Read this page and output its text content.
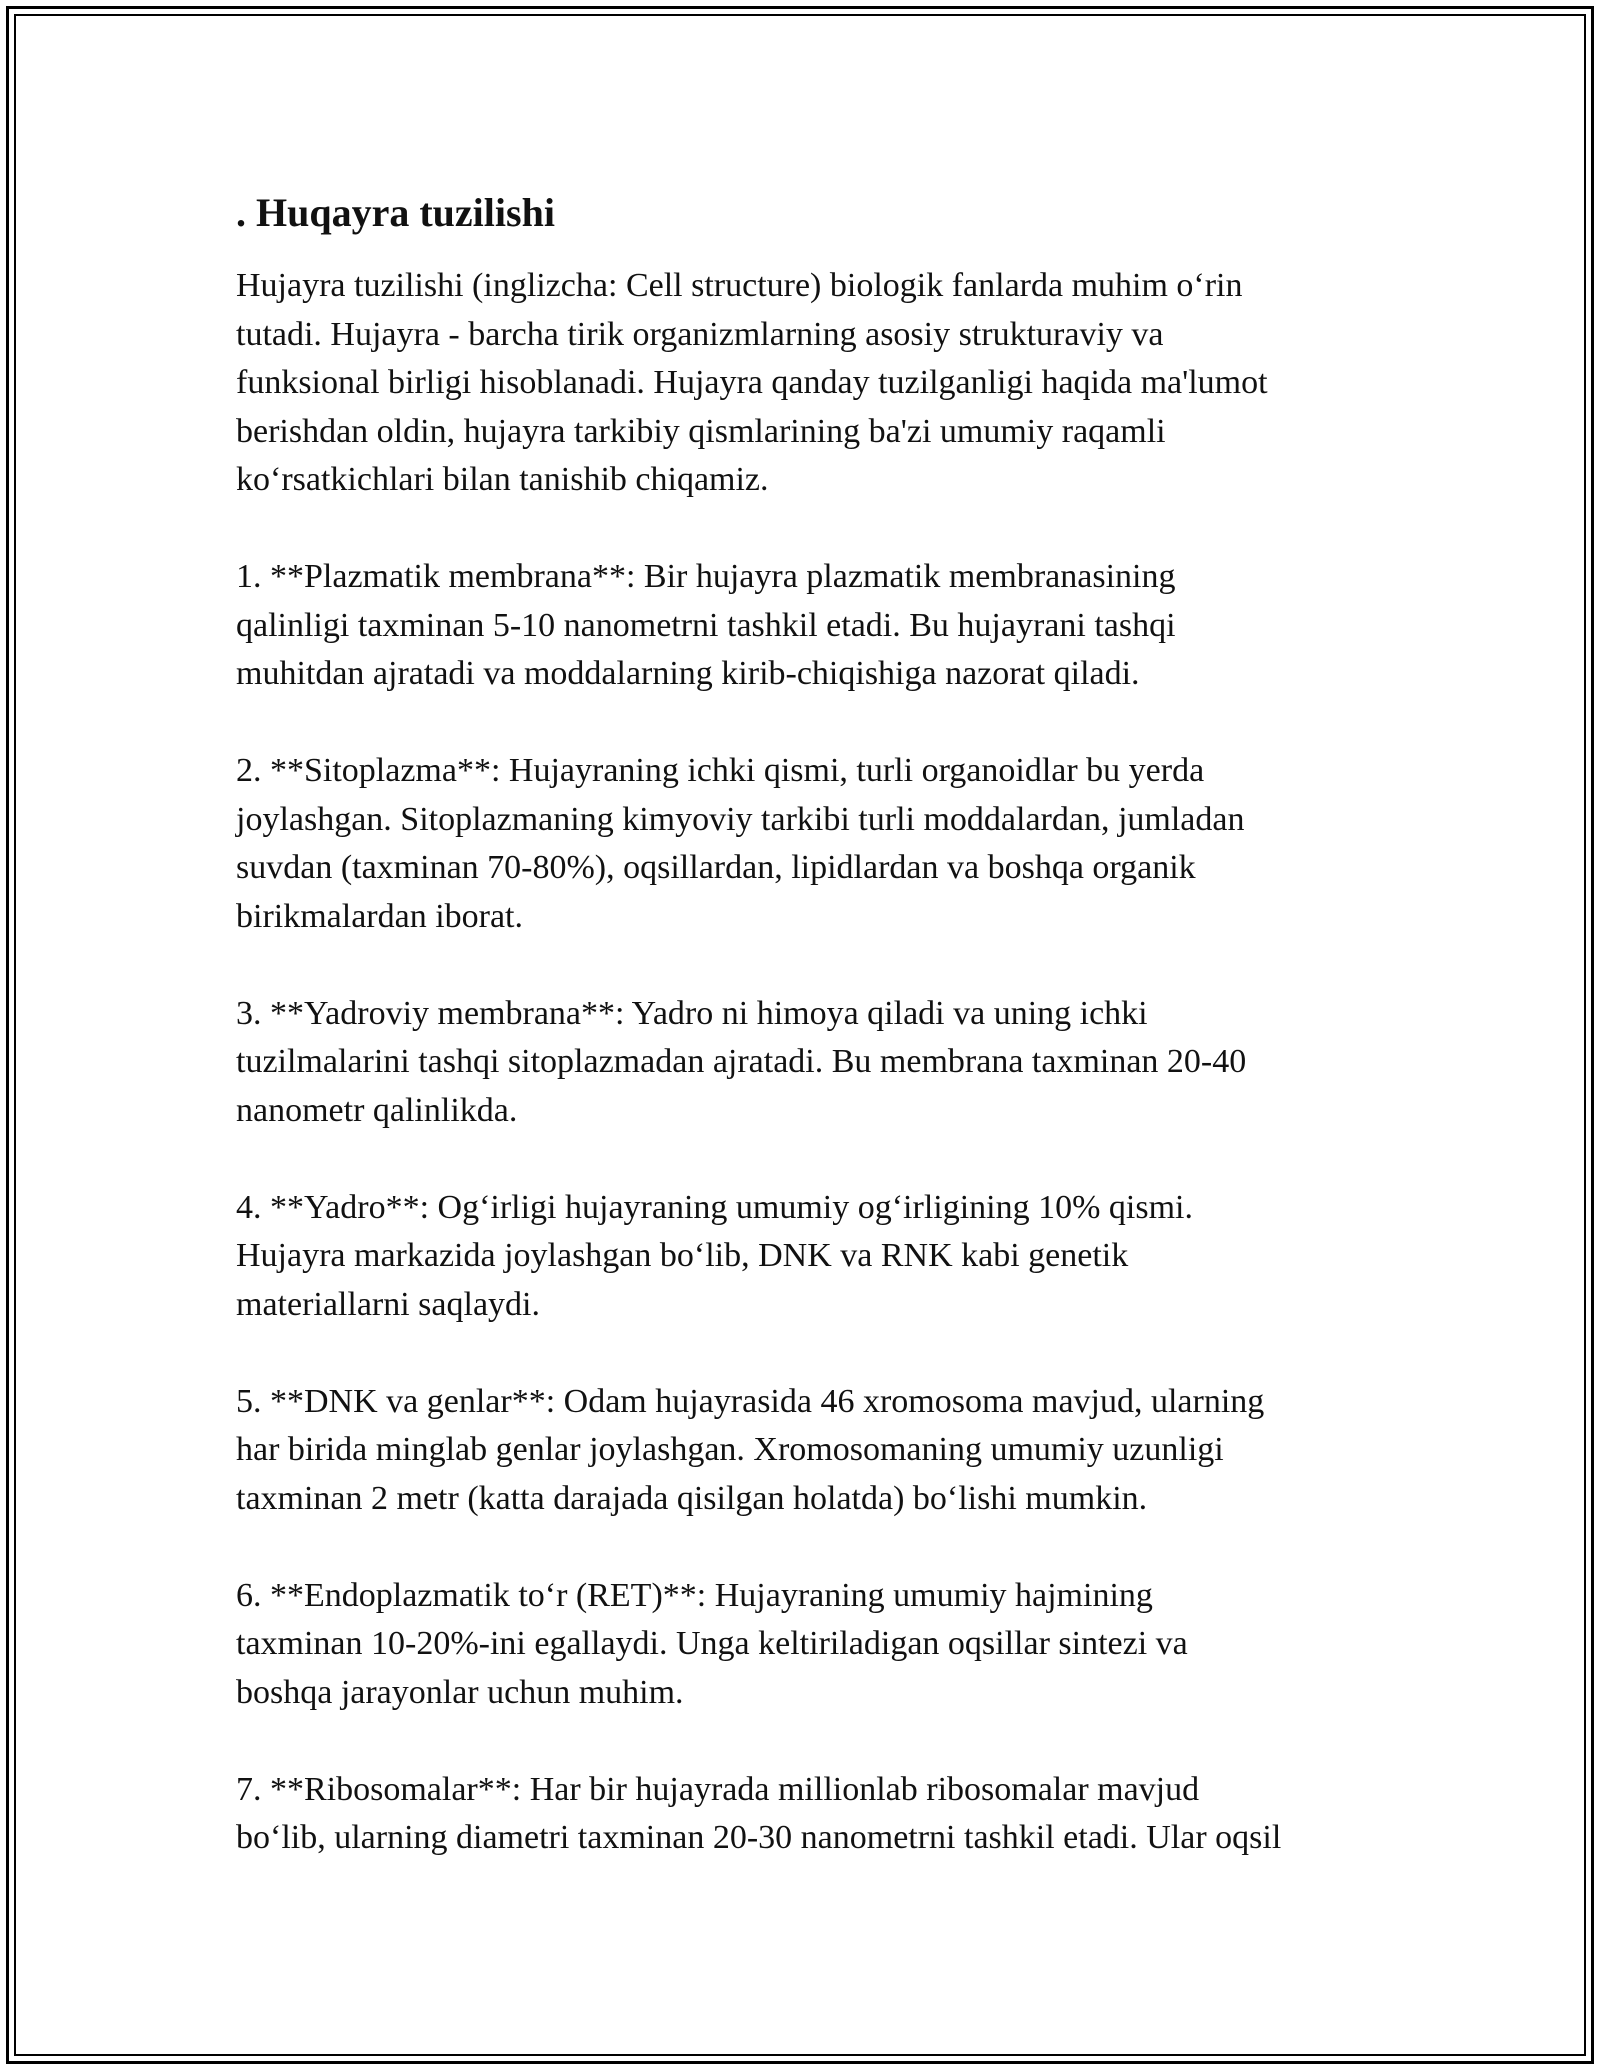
. Huqayra tuzilishi
Hujayra tuzilishi (inglizcha: Cell structure) biologik fanlarda muhim o‘rin
tutadi. Hujayra - barcha tirik organizmlarning asosiy strukturaviy va
funksional birligi hisoblanadi. Hujayra qanday tuzilganligi haqida ma'lumot
berishdan oldin, hujayra tarkibiy qismlarining ba'zi umumiy raqamli
ko‘rsatkichlari bilan tanishib chiqamiz.
1. **Plazmatik membrana**: Bir hujayra plazmatik membranasining
qalinligi taxminan 5-10 nanometrni tashkil etadi. Bu hujayrani tashqi
muhitdan ajratadi va moddalarning kirib-chiqishiga nazorat qiladi.
2. **Sitoplazma**: Hujayraning ichki qismi, turli organoidlar bu yerda
joylashgan. Sitoplazmaning kimyoviy tarkibi turli moddalardan, jumladan
suvdan (taxminan 70-80%), oqsillardan, lipidlardan va boshqa organik
birikmalardan iborat.
3. **Yadroviy membrana**: Yadro ni himoya qiladi va uning ichki
tuzilmalarini tashqi sitoplazmadan ajratadi. Bu membrana taxminan 20-40
nanometr qalinlikda.
4. **Yadro**: Og‘irligi hujayraning umumiy og‘irligining 10% qismi.
Hujayra markazida joylashgan bo‘lib, DNK va RNK kabi genetik
materiallarni saqlaydi.
5. **DNK va genlar**: Odam hujayrasida 46 xromosoma mavjud, ularning
har birida minglab genlar joylashgan. Xromosomaning umumiy uzunligi
taxminan 2 metr (katta darajada qisilgan holatda) bo‘lishi mumkin.
6. **Endoplazmatik to‘r (RET)**: Hujayraning umumiy hajmining
taxminan 10-20%-ini egallaydi. Unga keltiriladigan oqsillar sintezi va
boshqa jarayonlar uchun muhim.
7. **Ribosomalar**: Har bir hujayrada millionlab ribosomalar mavjud
bo‘lib, ularning diametri taxminan 20-30 nanometrni tashkil etadi. Ular oqsil
